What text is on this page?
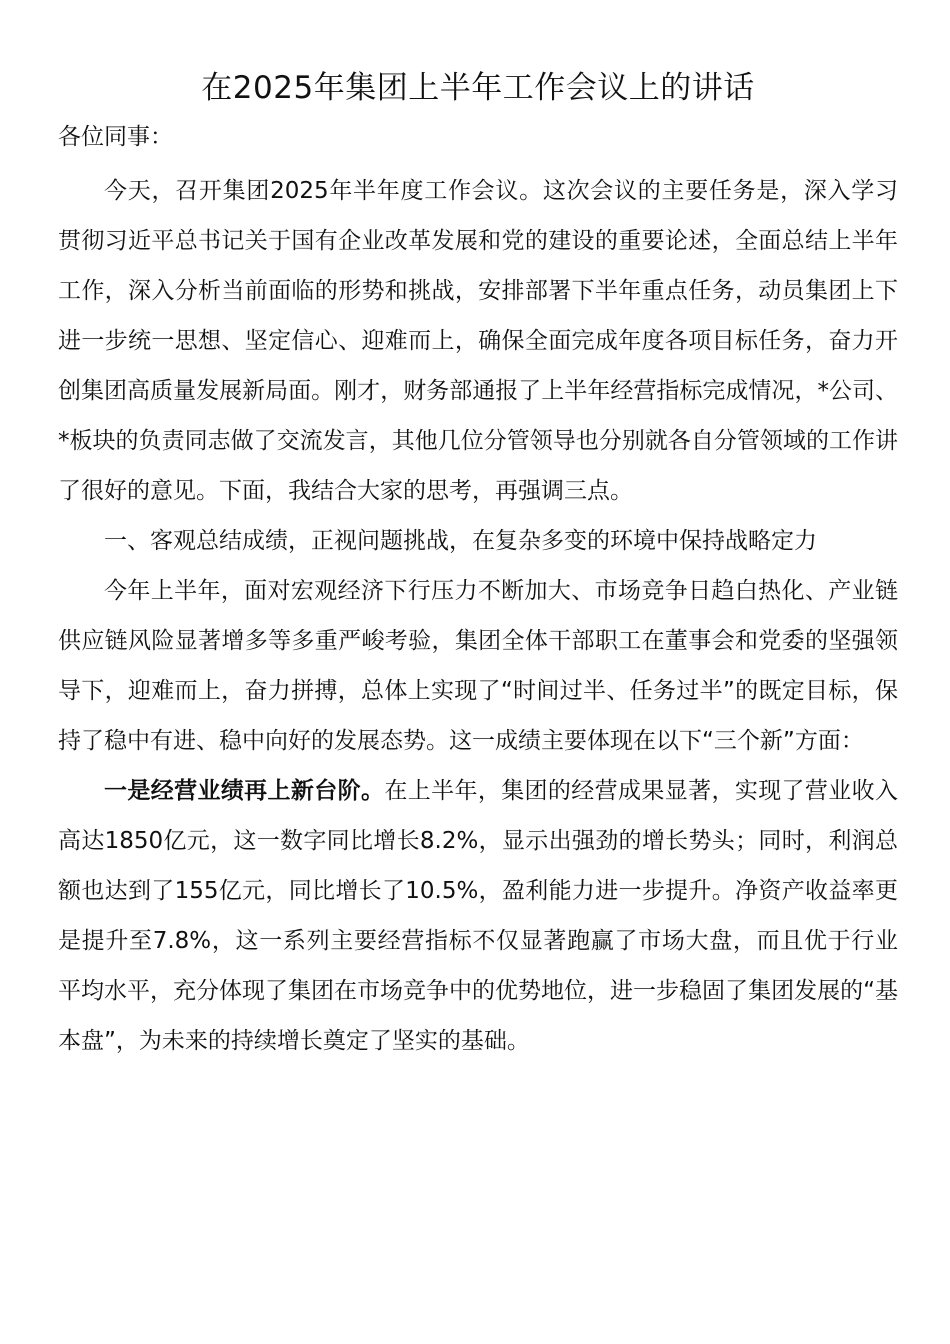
在2025年集团上半年工作会议上的讲话
各位同事：

今天，召开集团2025年半年度工作会议。这次会议的主要任务是，深入学习贯彻习近平总书记关于国有企业改革发展和党的建设的重要论述，全面总结上半年工作，深入分析当前面临的形势和挑战，安排部署下半年重点任务，动员集团上下进一步统一思想、坚定信心、迎难而上，确保全面完成年度各项目标任务，奋力开创集团高质量发展新局面。刚才，财务部通报了上半年经营指标完成情况，*公司、*板块的负责同志做了交流发言，其他几位分管领导也分别就各自分管领域的工作讲了很好的意见。下面，我结合大家的思考，再强调三点。

一、客观总结成绩，正视问题挑战，在复杂多变的环境中保持战略定力

今年上半年，面对宏观经济下行压力不断加大、市场竞争日趋白热化、产业链供应链风险显著增多等多重严峻考验，集团全体干部职工在董事会和党委的坚强领导下，迎难而上，奋力拼搏，总体上实现了“时间过半、任务过半”的既定目标，保持了稳中有进、稳中向好的发展态势。这一成绩主要体现在以下“三个新”方面：

一是经营业绩再上新台阶。在上半年，集团的经营成果显著，实现了营业收入高达1850亿元，这一数字同比增长8.2%，显示出强劲的增长势头；同时，利润总额也达到了155亿元，同比增长了10.5%，盈利能力进一步提升。净资产收益率更是提升至7.8%，这一系列主要经营指标不仅显著跑赢了市场大盘，而且优于行业平均水平，充分体现了集团在市场竞争中的优势地位，进一步稳固了集团发展的“基本盘”，为未来的持续增长奠定了坚实的基础。
